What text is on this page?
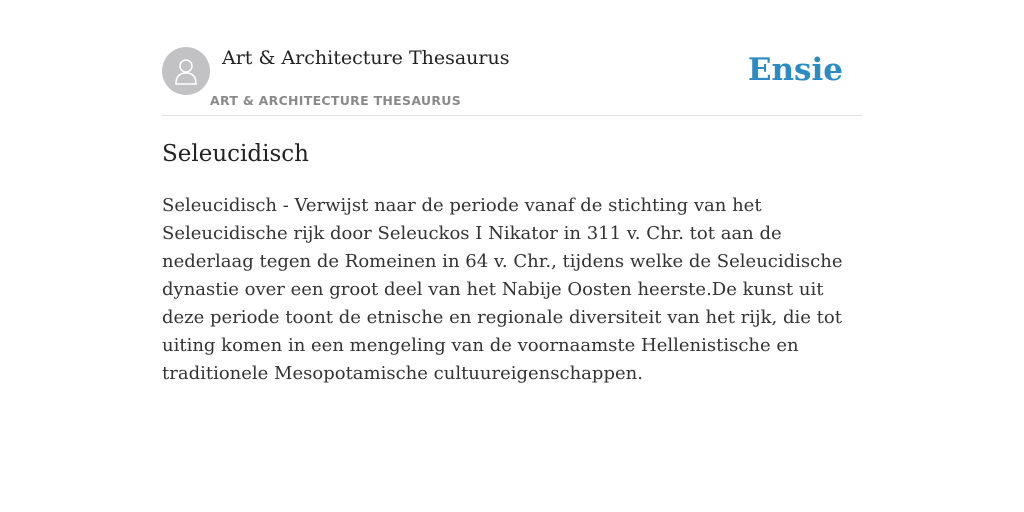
Art & Architecture Thesaurus
ART & ARCHITECTURE THESAURUS
Ensie
Seleucidisch

Seleucidisch - Verwijst naar de periode vanaf de stichting van het Seleucidische rijk door Seleuckos I Nikator in 311 v. Chr. tot aan de nederlaag tegen de Romeinen in 64 v. Chr., tijdens welke de Seleucidische dynastie over een groot deel van het Nabije Oosten heerste.De kunst uit deze periode toont de etnische en regionale diversiteit van het rijk, die tot uiting komen in een mengeling van de voornaamste Hellenistische en traditionele Mesopotamische cultuureigenschappen.
